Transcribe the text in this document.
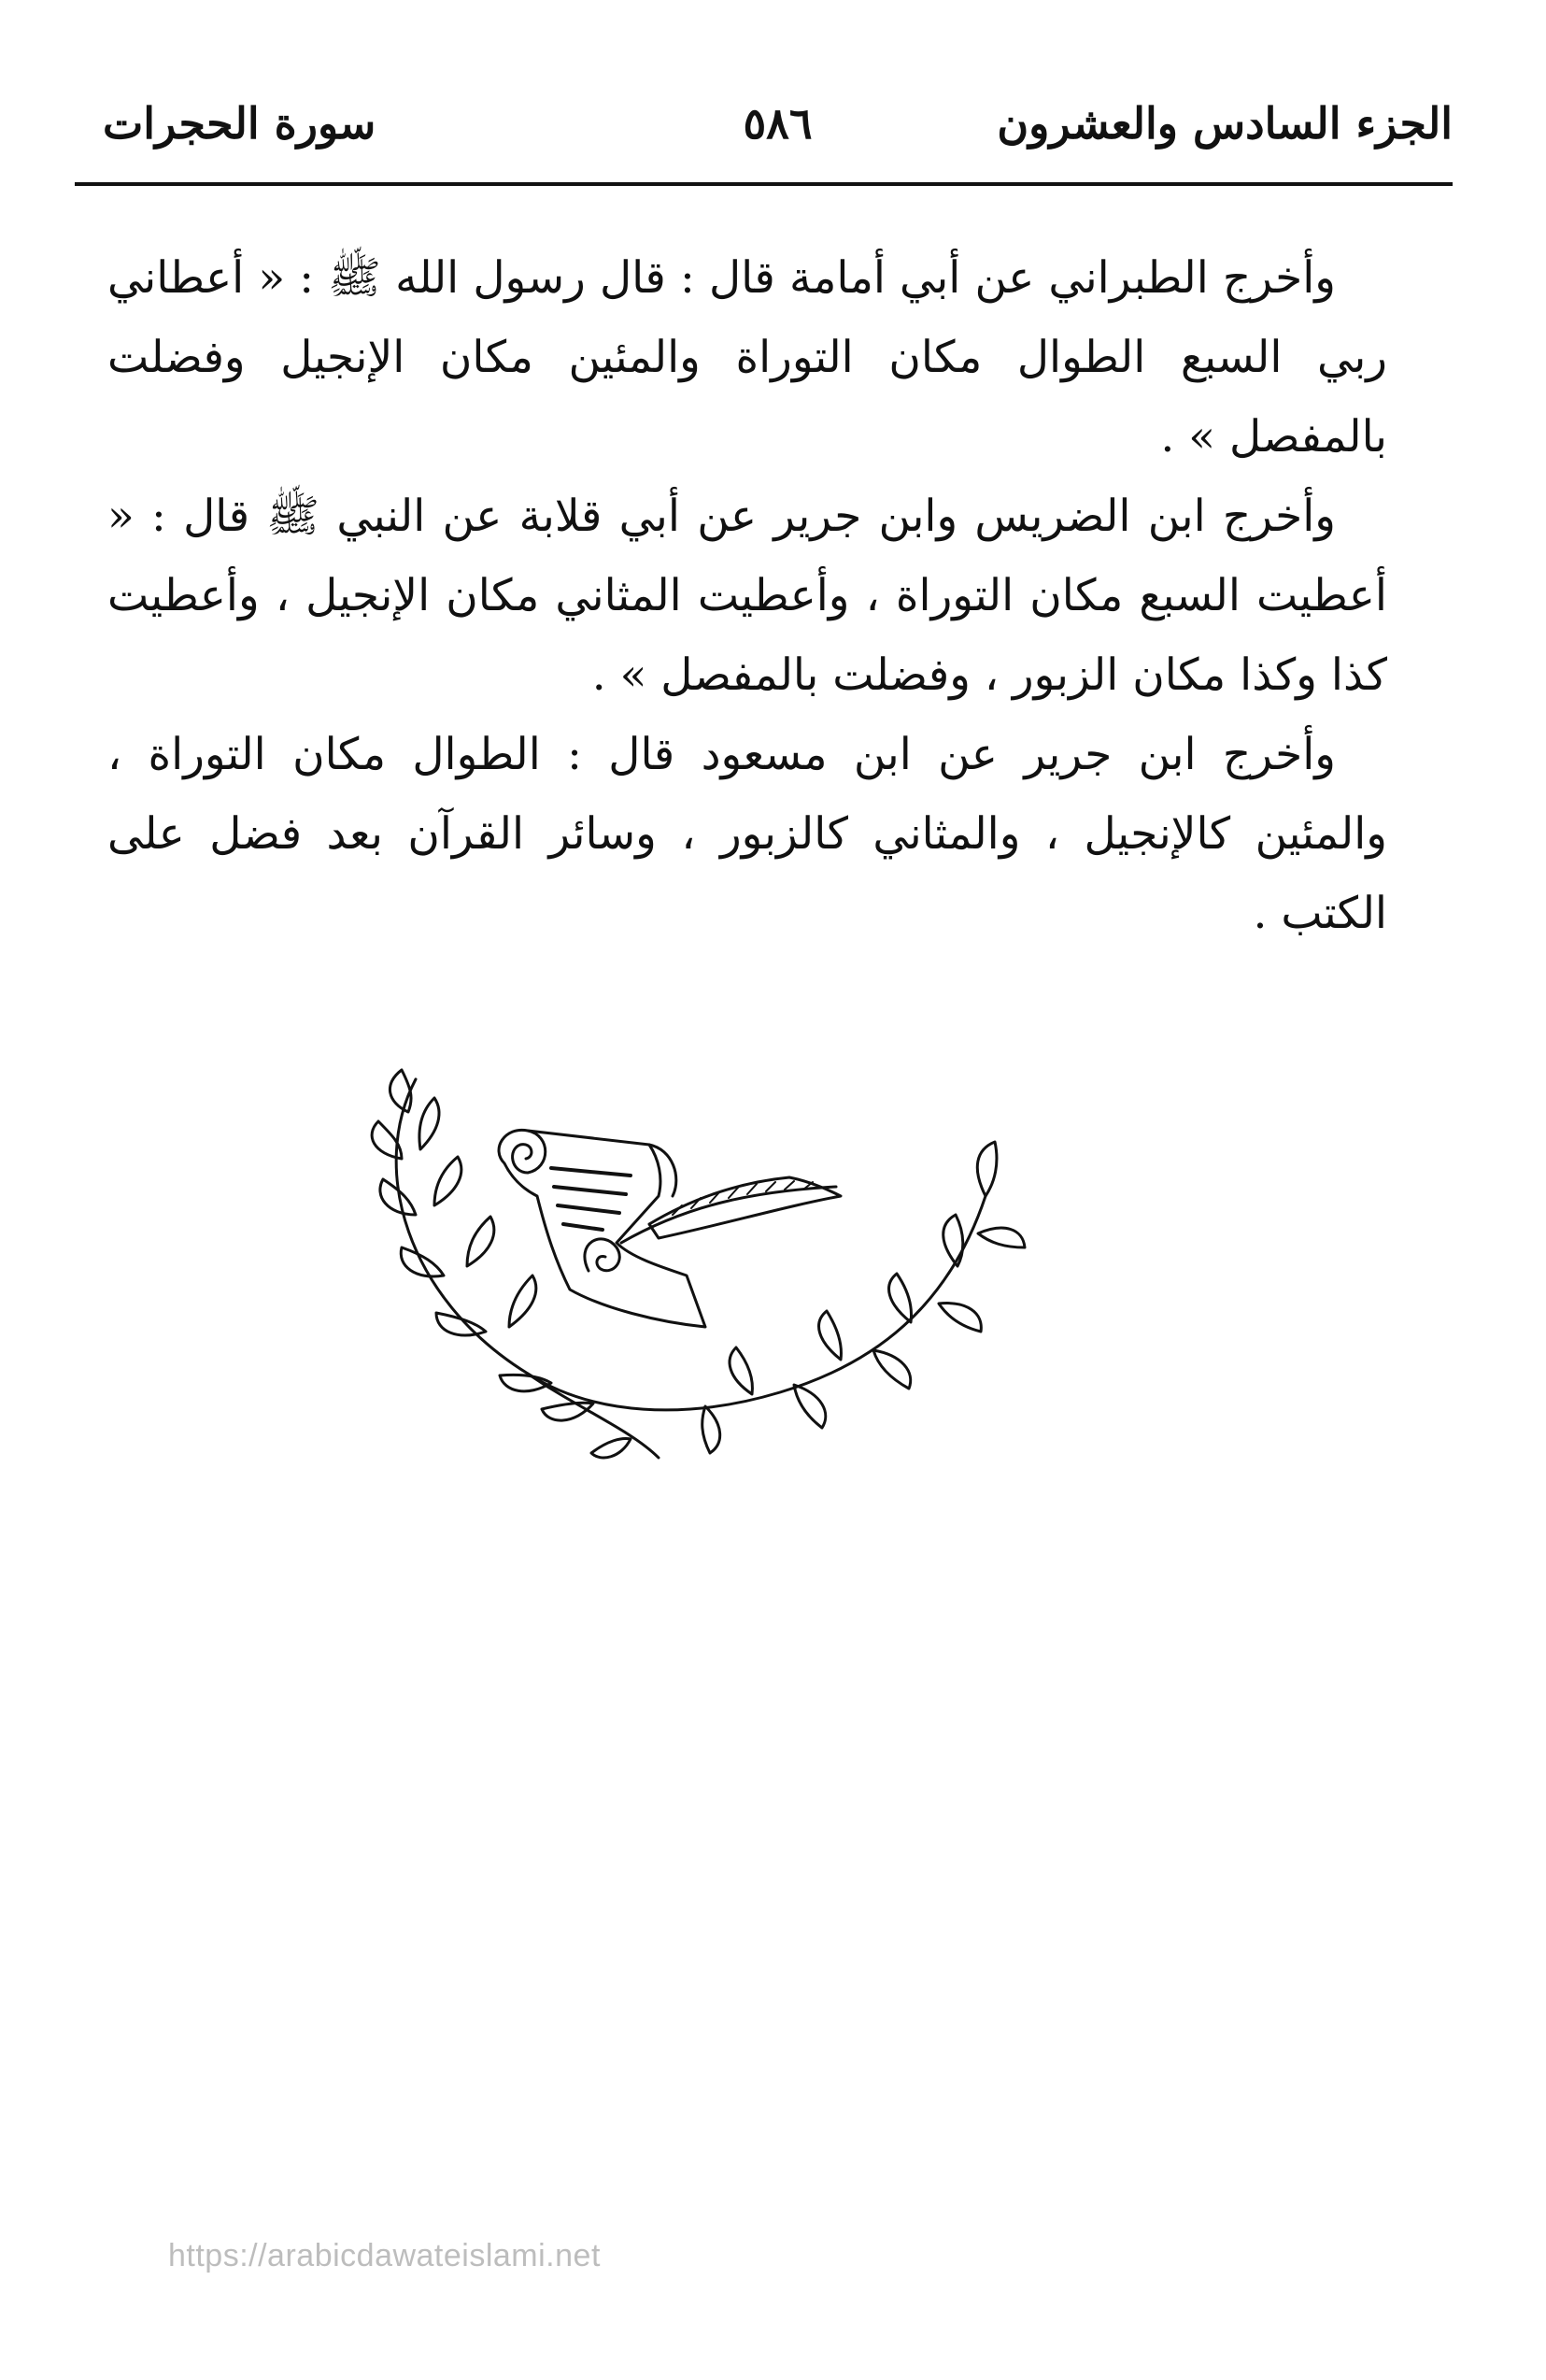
الجزء السادس والعشرون
٥٨٦
سورة الحجرات

وأخرج الطبراني عن أبي أمامة قال : قال رسول الله ﷺ : « أعطاني ربي السبع الطوال مكان التوراة والمئين مكان الإنجيل وفضلت بالمفصل » .

وأخرج ابن الضريس وابن جرير عن أبي قلابة عن النبي ﷺ قال : « أعطيت السبع مكان التوراة ، وأعطيت المثاني مكان الإنجيل ، وأعطيت كذا وكذا مكان الزبور ، وفضلت بالمفصل » .

وأخرج ابن جرير عن ابن مسعود قال : الطوال مكان التوراة ، والمئين كالإنجيل ، والمثاني كالزبور ، وسائر القرآن بعد فضل على الكتب .

https://arabicdawateislami.net
